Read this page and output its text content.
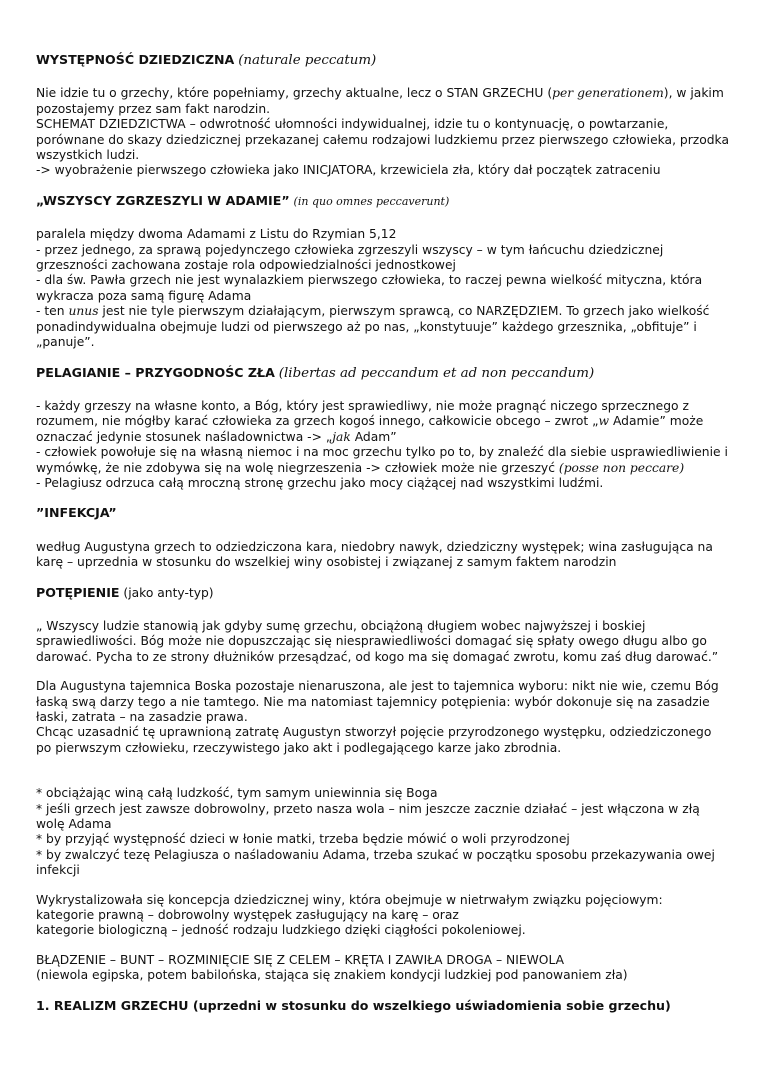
WYSTĘPNOŚĆ DZIEDZICZNA (naturale peccatum)

Nie idzie tu o grzechy, które popełniamy, grzechy aktualne, lecz o STAN GRZECHU (per generationem), w jakim pozostajemy przez sam fakt narodzin.

SCHEMAT DZIEDZICTWA – odwrotność ułomności indywidualnej, idzie tu o kontynuację, o powtarzanie, porównane do skazy dziedzicznej przekazanej całemu rodzajowi ludzkiemu przez pierwszego człowieka, przodka wszystkich ludzi.

-> wyobrażenie pierwszego człowieka jako INICJATORA, krzewiciela zła, który dał początek zatraceniu

„WSZYSCY ZGRZESZYLI W ADAMIE” (in quo omnes peccaverunt)

paralela między dwoma Adamami z Listu do Rzymian 5,12

- przez jednego, za sprawą pojedynczego człowieka zgrzeszyli wszyscy – w tym łańcuchu dziedzicznej grzeszności zachowana zostaje rola odpowiedzialności jednostkowej

- dla św. Pawła grzech nie jest wynalazkiem pierwszego człowieka, to raczej pewna wielkość mityczna, która wykracza poza samą figurę Adama

- ten unus jest nie tyle pierwszym działającym, pierwszym sprawcą, co NARZĘDZIEM. To grzech jako wielkość ponadindywidualna obejmuje ludzi od pierwszego aż po nas, „konstytuuje” każdego grzesznika, „obfituje” i „panuje”.

PELAGIANIE – PRZYGODNOŚC ZŁA (libertas ad peccandum et ad non peccandum)

- każdy grzeszy na własne konto, a Bóg, który jest sprawiedliwy, nie może pragnąć niczego sprzecznego z rozumem, nie mógłby karać człowieka za grzech kogoś innego, całkowicie obcego – zwrot „w Adamie” może oznaczać jedynie stosunek naśladownictwa -> „jak Adam”

- człowiek powołuje się na własną niemoc i na moc grzechu tylko po to, by znaleźć dla siebie usprawiedliwienie i wymówkę, że nie zdobywa się na wolę niegrzeszenia -> człowiek może nie grzeszyć (posse non peccare)

- Pelagiusz odrzuca całą mroczną stronę grzechu jako mocy ciążącej nad wszystkimi ludźmi.

”INFEKCJA”

według Augustyna grzech to odziedziczona kara, niedobry nawyk, dziedziczny występek; wina zasługująca na karę – uprzednia w stosunku do wszelkiej winy osobistej i związanej z samym faktem narodzin

POTĘPIENIE (jako anty-typ)

„ Wszyscy ludzie stanowią jak gdyby sumę grzechu, obciążoną długiem wobec najwyższej i boskiej sprawiedliwości. Bóg może nie dopuszczając się niesprawiedliwości domagać się spłaty owego długu albo go darować. Pycha to ze strony dłużników przesądzać, od kogo ma się domagać zwrotu, komu zaś dług darować.”

Dla Augustyna tajemnica Boska pozostaje nienaruszona, ale jest to tajemnica wyboru: nikt nie wie, czemu Bóg łaską swą darzy tego a nie tamtego. Nie ma natomiast tajemnicy potępienia: wybór dokonuje się na zasadzie łaski, zatrata – na zasadzie prawa.

Chcąc uzasadnić tę uprawnioną zatratę Augustyn stworzył pojęcie przyrodzonego występku, odziedziczonego po pierwszym człowieku, rzeczywistego jako akt i podlegającego karze jako zbrodnia.

* obciążając winą całą ludzkość, tym samym uniewinnia się Boga

* jeśli grzech jest zawsze dobrowolny, przeto nasza wola – nim jeszcze zacznie działać – jest włączona w złą wolę Adama

* by przyjąć występność dzieci w łonie matki, trzeba będzie mówić o woli przyrodzonej

* by zwalczyć tezę Pelagiusza o naśladowaniu Adama, trzeba szukać w początku sposobu przekazywania owej infekcji

Wykrystalizowała się koncepcja dziedzicznej winy, która obejmuje w nietrwałym związku pojęciowym:

kategorie prawną – dobrowolny występek zasługujący na karę – oraz

kategorie biologiczną – jedność rodzaju ludzkiego dzięki ciągłości pokoleniowej.

BŁĄDZENIE – BUNT – ROZMINIĘCIE SIĘ Z CELEM – KRĘTA I ZAWIŁA DROGA – NIEWOLA

(niewola egipska, potem babilońska, stająca się znakiem kondycji ludzkiej pod panowaniem zła)

1. REALIZM GRZECHU (uprzedni w stosunku do wszelkiego uświadomienia sobie grzechu)
